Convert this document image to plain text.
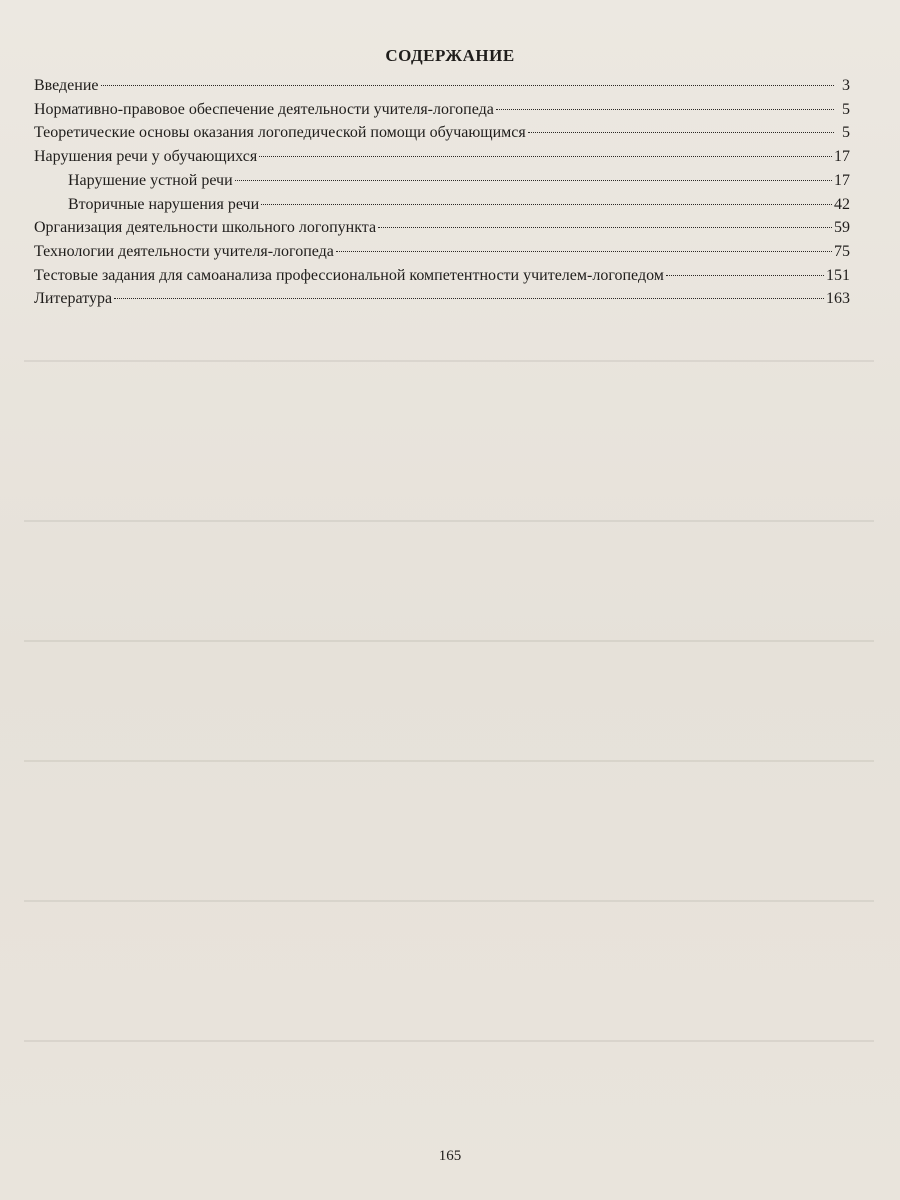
СОДЕРЖАНИЕ
Введение	3
Нормативно-правовое обеспечение деятельности учителя-логопеда	5
Теоретические основы оказания логопедической помощи обучающимся	5
Нарушения речи у обучающихся	17
Нарушение устной речи	17
Вторичные нарушения речи	42
Организация деятельности школьного логопункта	59
Технологии деятельности учителя-логопеда	75
Тестовые задания для самоанализа профессиональной компетентности учителем-логопедом	151
Литература	163
165
